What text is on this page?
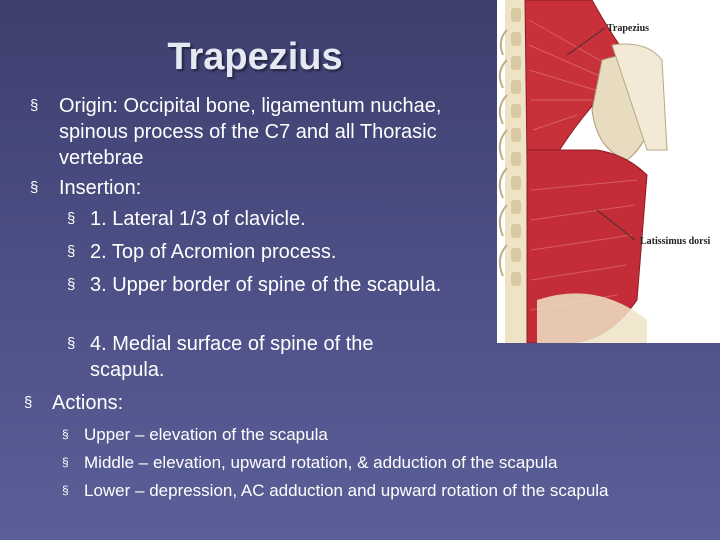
Trapezius
§ Origin: Occipital bone, ligamentum nuchae, spinous process of the C7 and all Thorasic vertebrae
§ Insertion:
§ 1. Lateral 1/3 of clavicle.
§ 2. Top of Acromion process.
§ 3. Upper border of spine of the scapula.
§ 4. Medial surface of spine of the scapula.
§ Actions:
§ Upper – elevation of the scapula
§ Middle – elevation, upward rotation, & adduction of the scapula
§ Lower – depression, AC adduction and upward rotation of the scapula
Trapezius
Latissimus dorsi
